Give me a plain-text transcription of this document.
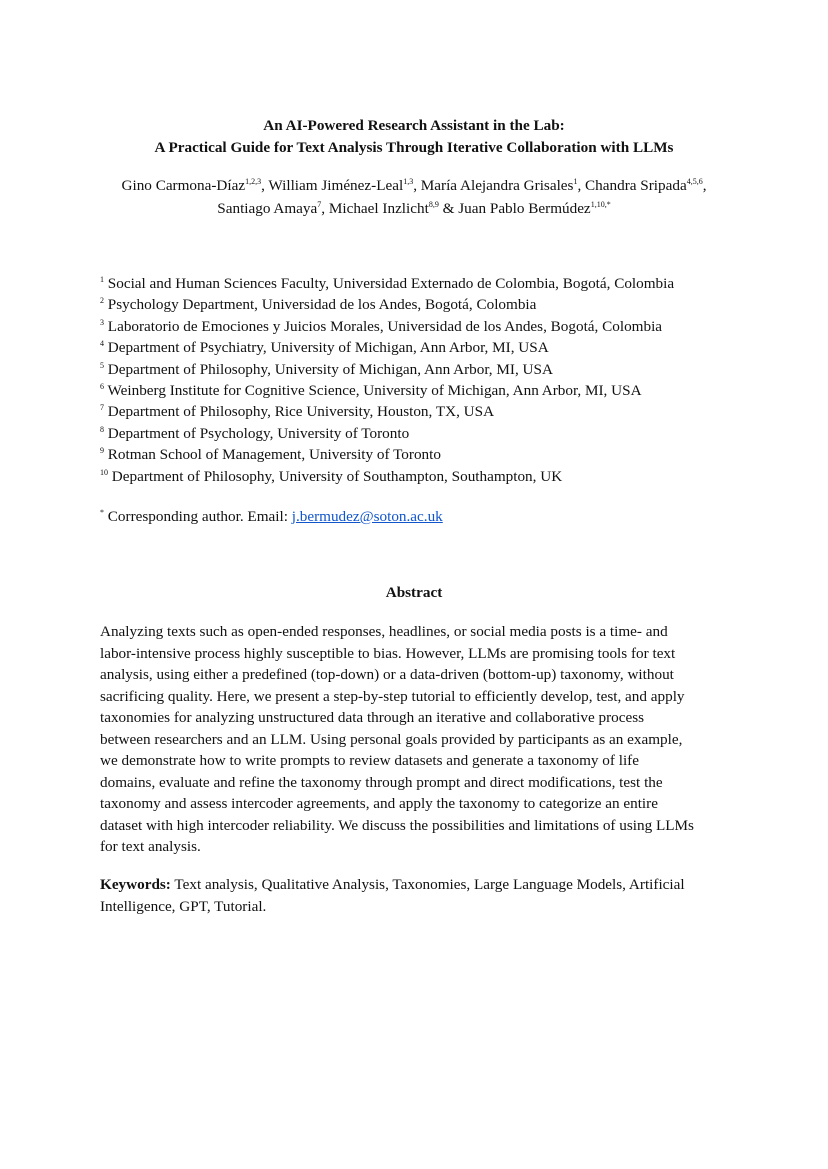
An AI-Powered Research Assistant in the Lab:
A Practical Guide for Text Analysis Through Iterative Collaboration with LLMs
Gino Carmona-Díaz$^{1,2,3}$, William Jiménez-Leal$^{1,3}$, María Alejandra Grisales$^1$, Chandra Sripada$^{4,5,6}$,
Santiago Amaya$^7$, Michael Inzlicht$^{8,9}$ & Juan Pablo Bermúdez$^{1,10,*}$
$^1$ Social and Human Sciences Faculty, Universidad Externado de Colombia, Bogotá, Colombia
$^2$ Psychology Department, Universidad de los Andes, Bogotá, Colombia
$^3$ Laboratorio de Emociones y Juicios Morales, Universidad de los Andes, Bogotá, Colombia
$^4$ Department of Psychiatry, University of Michigan, Ann Arbor, MI, USA
$^5$ Department of Philosophy, University of Michigan, Ann Arbor, MI, USA
$^6$ Weinberg Institute for Cognitive Science, University of Michigan, Ann Arbor, MI, USA
$^7$ Department of Philosophy, Rice University, Houston, TX, USA
$^8$ Department of Psychology, University of Toronto
$^9$ Rotman School of Management, University of Toronto
$^{10}$ Department of Philosophy, University of Southampton, Southampton, UK

* Corresponding author. Email: j.bermudez@soton.ac.uk

Abstract
Analyzing texts such as open-ended responses, headlines, or social media posts is a time- and
labor-intensive process highly susceptible to bias. However, LLMs are promising tools for text
analysis, using either a predefined (top-down) or a data-driven (bottom-up) taxonomy, without
sacrificing quality. Here, we present a step-by-step tutorial to efficiently develop, test, and apply
taxonomies for analyzing unstructured data through an iterative and collaborative process
between researchers and an LLM. Using personal goals provided by participants as an example,
we demonstrate how to write prompts to review datasets and generate a taxonomy of life
domains, evaluate and refine the taxonomy through prompt and direct modifications, test the
taxonomy and assess intercoder agreements, and apply the taxonomy to categorize an entire
dataset with high intercoder reliability. We discuss the possibilities and limitations of using LLMs
for text analysis.
Keywords: Text analysis, Qualitative Analysis, Taxonomies, Large Language Models, Artificial
Intelligence, GPT, Tutorial.
